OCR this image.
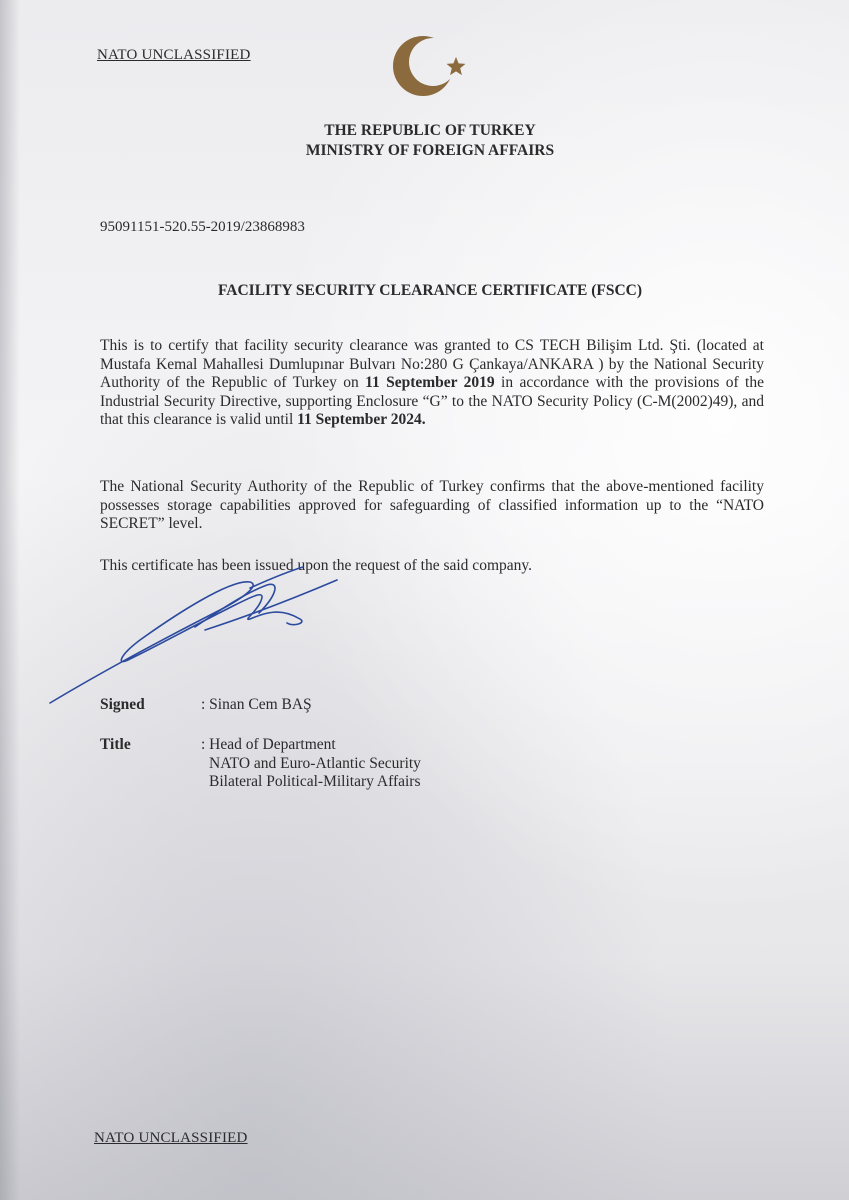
NATO UNCLASSIFIED
THE REPUBLIC OF TURKEY
MINISTRY OF FOREIGN AFFAIRS
95091151-520.55-2019/23868983
FACILITY SECURITY CLEARANCE CERTIFICATE (FSCC)

This is to certify that facility security clearance was granted to CS TECH Bilişim Ltd. Şti. (located at Mustafa Kemal Mahallesi Dumlupınar Bulvarı No:280 G Çankaya/ANKARA ) by the National Security Authority of the Republic of Turkey on 11 September 2019 in accordance with the provisions of the Industrial Security Directive, supporting Enclosure “G” to the NATO Security Policy (C-M(2002)49), and that this clearance is valid until 11 September 2024.

The National Security Authority of the Republic of Turkey confirms that the above-mentioned facility possesses storage capabilities approved for safeguarding of classified information up to the “NATO SECRET” level.

This certificate has been issued upon the request of the said company.

Signed	: Sinan Cem BAŞ
Title	: Head of Department
NATO and Euro-Atlantic Security
Bilateral Political-Military Affairs
NATO UNCLASSIFIED
